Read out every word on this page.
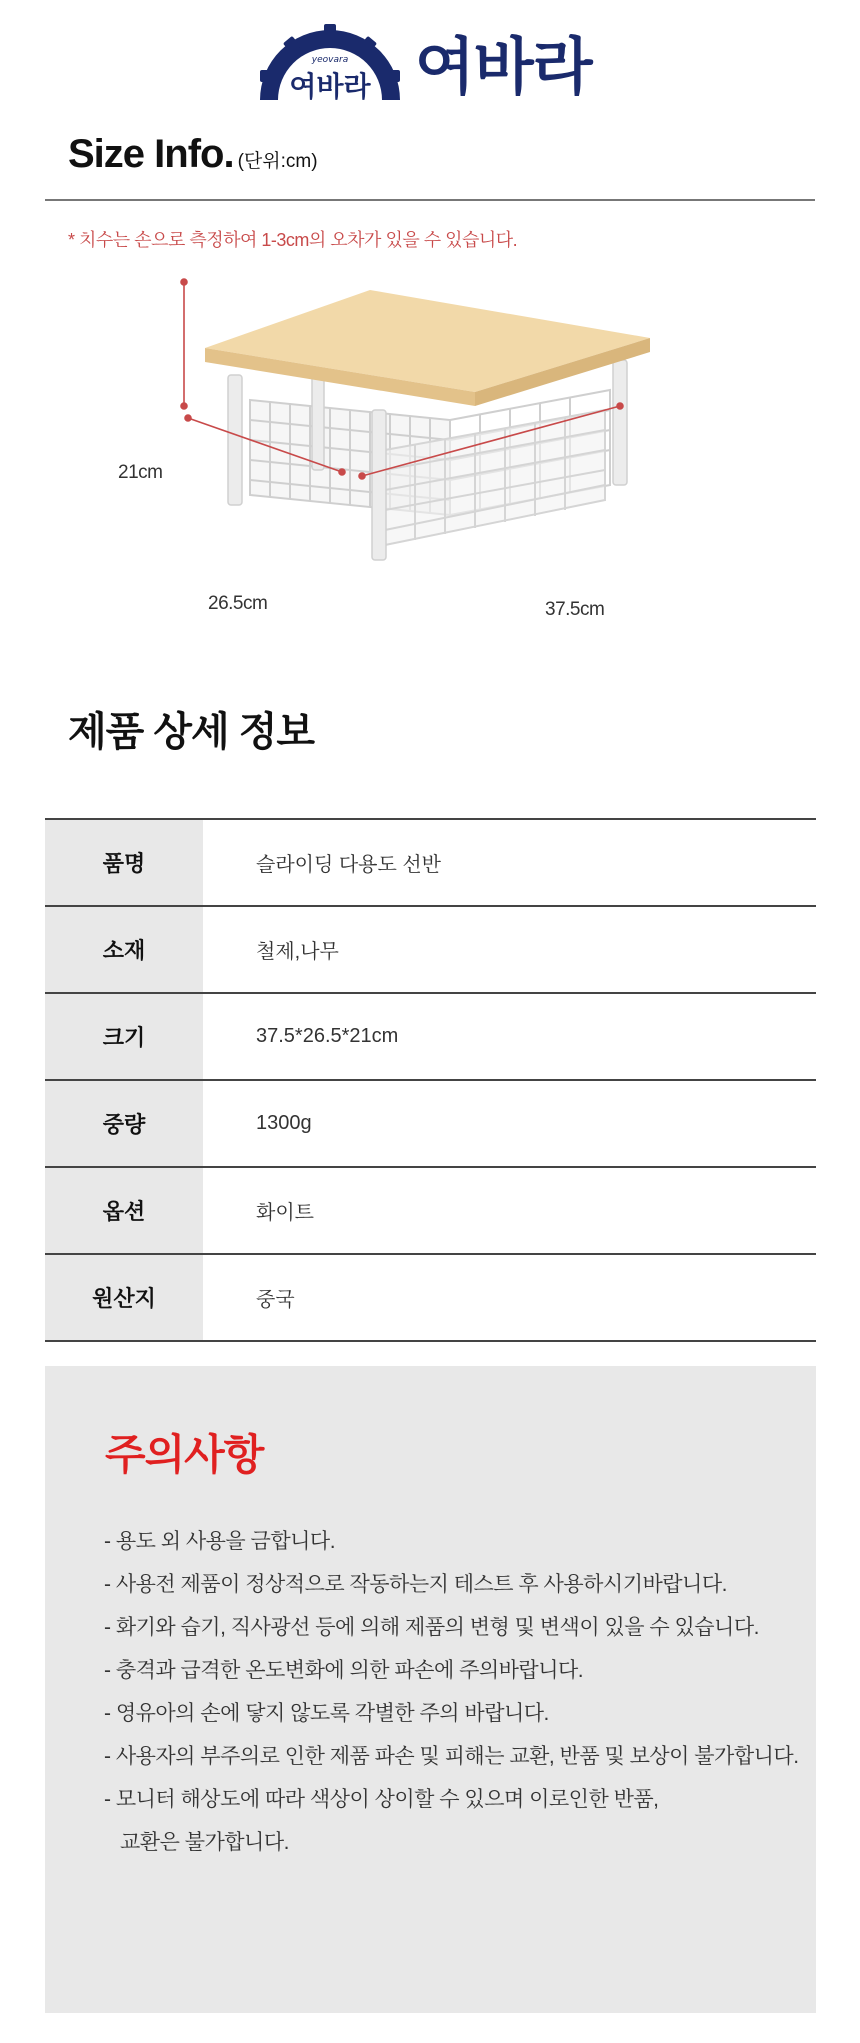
yeovara
여바라 여바라
Size Info. (단위:cm)
* 치수는 손으로 측정하여 1-3cm의 오차가 있을 수 있습니다.
21cm
26.5cm	37.5cm
제품 상세 정보
품명	슬라이딩 다용도 선반
소재	철제,나무
크기	37.5*26.5*21cm
중량	1300g
옵션	화이트
원산지	중국
주의사항
- 용도 외 사용을 금합니다.
- 사용전 제품이 정상적으로 작동하는지 테스트 후 사용하시기바랍니다.
- 화기와 습기, 직사광선 등에 의해 제품의 변형 및 변색이 있을 수 있습니다.
- 충격과 급격한 온도변화에 의한 파손에 주의바랍니다.
- 영유아의 손에 닿지 않도록 각별한 주의 바랍니다.
- 사용자의 부주의로 인한 제품 파손 및 피해는 교환, 반품 및 보상이 불가합니다.
- 모니터 해상도에 따라 색상이 상이할 수 있으며 이로인한 반품,
교환은 불가합니다.
